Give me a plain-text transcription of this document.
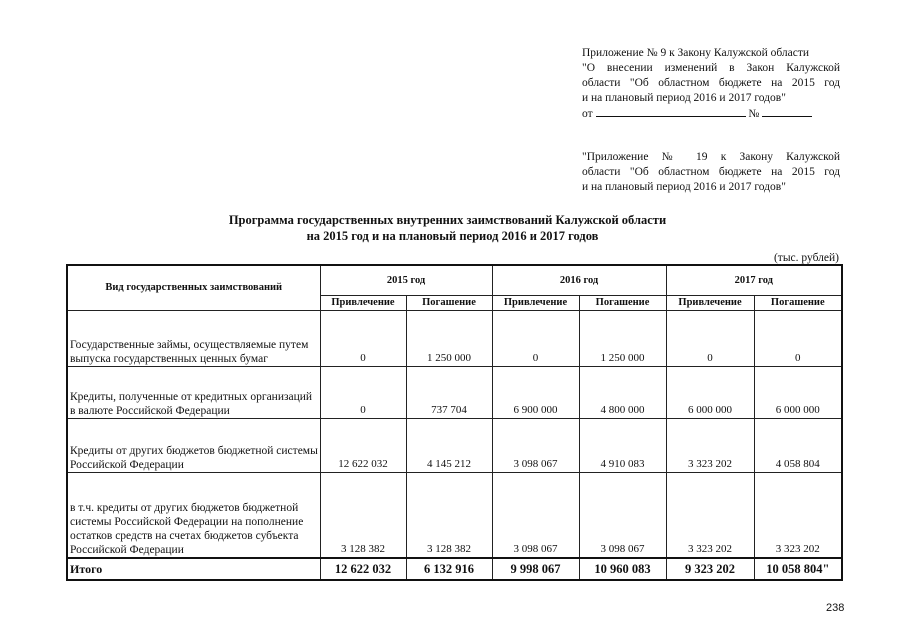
Приложение № 9 к Закону Калужской области
"О внесении изменений в Закон Калужской
области "Об областном бюджете на 2015 год
и на плановый период 2016 и 2017 годов"
от	№
"Приложение № 19 к Закону Калужской
области "Об областном бюджете на 2015 год
и на плановый период 2016 и 2017 годов"
Программа государственных внутренних заимствований Калужской области
на 2015 год и на плановый период 2016 и 2017 годов
(тыс. рублей)
Вид государственных заимствований	2015 год		2016 год		2017 год	
	Привлечение	Погашение	Привлечение	Погашение	Привлечение	Погашение
Государственные займы, осуществляемые путем выпуска государственных ценных бумаг	0	1 250 000	0	1 250 000	0	0
Кредиты, полученные от кредитных организаций в валюте Российской Федерации	0	737 704	6 900 000	4 800 000	6 000 000	6 000 000
Кредиты от других бюджетов бюджетной системы Российской Федерации	12 622 032	4 145 212	3 098 067	4 910 083	3 323 202	4 058 804
в т.ч. кредиты от других бюджетов бюджетной системы Российской Федерации на пополнение остатков средств на счетах бюджетов субъекта Российской Федерации	3 128 382	3 128 382	3 098 067	3 098 067	3 323 202	3 323 202
Итого	12 622 032	6 132 916	9 998 067	10 960 083	9 323 202	10 058 804"
238
